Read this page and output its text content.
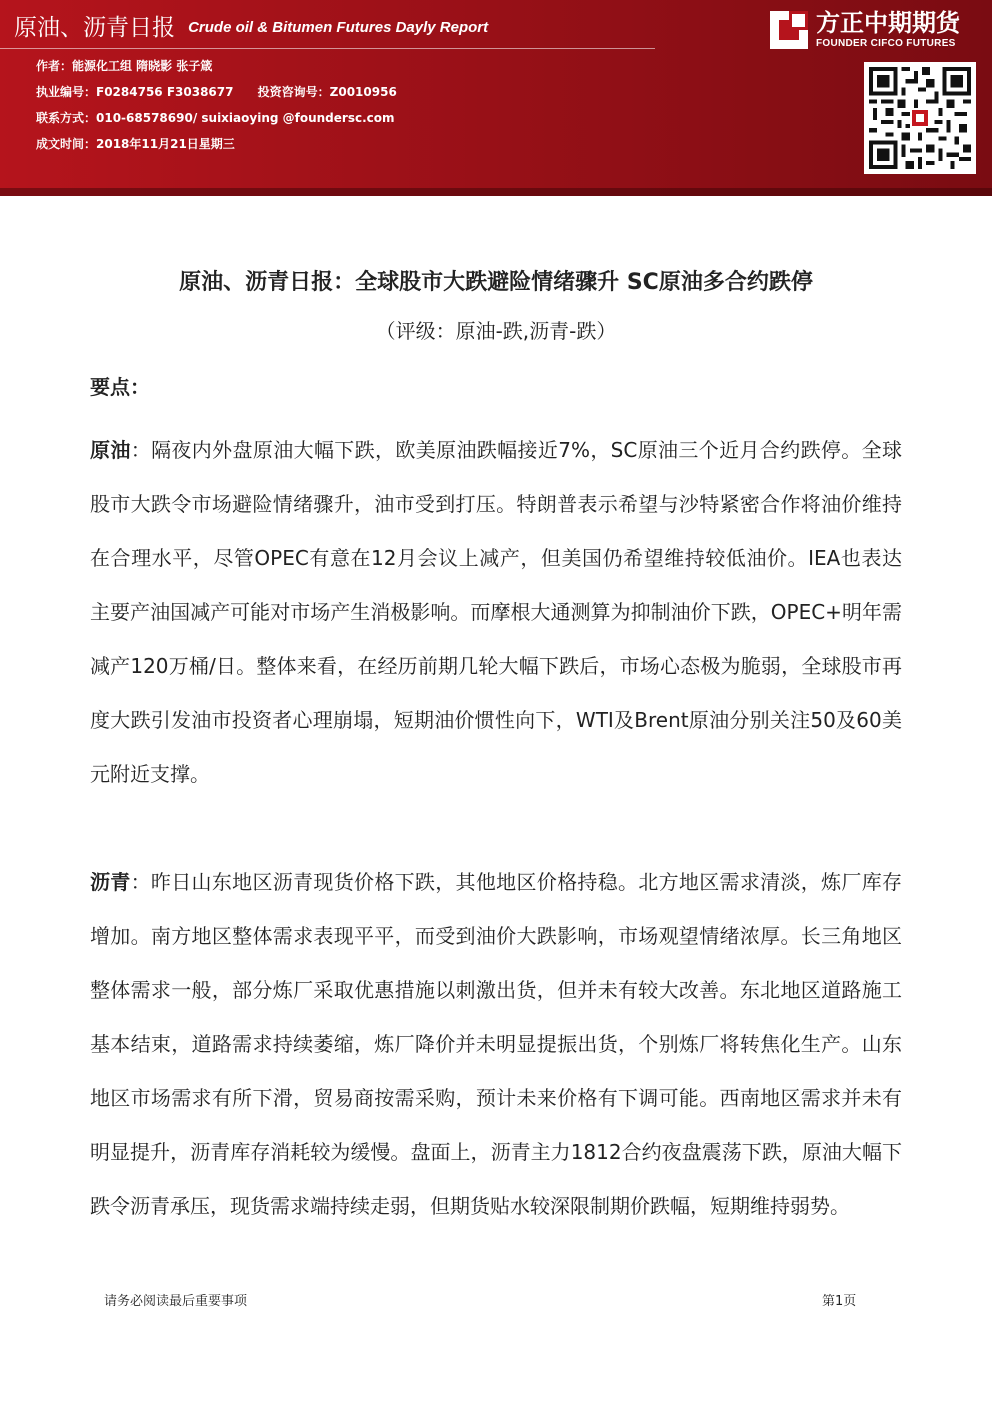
原油、沥青日报 Crude oil & Bitumen Futures Dayly Report
作者：能源化工组 隋晓影 张子箴
执业编号：F0284756 F3038677 投资咨询号：Z0010956
联系方式：010-68578690/ suixiaoying @foundersc.com
成文时间：2018年11月21日星期三
方正中期期货
FOUNDER CIFCO FUTURES
原油、沥青日报：全球股市大跌避险情绪骤升 SC原油多合约跌停
（评级：原油-跌,沥青-跌）
要点：

原油：隔夜内外盘原油大幅下跌，欧美原油跌幅接近7%，SC原油三个近月合约跌停。全球股市大跌令市场避险情绪骤升，油市受到打压。特朗普表示希望与沙特紧密合作将油价维持在合理水平，尽管OPEC有意在12月会议上减产，但美国仍希望维持较低油价。IEA也表达主要产油国减产可能对市场产生消极影响。而摩根大通测算为抑制油价下跌，OPEC+明年需减产120万桶/日。整体来看，在经历前期几轮大幅下跌后，市场心态极为脆弱，全球股市再度大跌引发油市投资者心理崩塌，短期油价惯性向下，WTI及Brent原油分别关注50及60美元附近支撑。

沥青：昨日山东地区沥青现货价格下跌，其他地区价格持稳。北方地区需求清淡，炼厂库存增加。南方地区整体需求表现平平，而受到油价大跌影响，市场观望情绪浓厚。长三角地区整体需求一般，部分炼厂采取优惠措施以刺激出货，但并未有较大改善。东北地区道路施工基本结束，道路需求持续萎缩，炼厂降价并未明显提振出货，个别炼厂将转焦化生产。山东地区市场需求有所下滑，贸易商按需采购，预计未来价格有下调可能。西南地区需求并未有明显提升，沥青库存消耗较为缓慢。盘面上，沥青主力1812合约夜盘震荡下跌，原油大幅下跌令沥青承压，现货需求端持续走弱，但期货贴水较深限制期价跌幅，短期维持弱势。

请务必阅读最后重要事项	第1页
